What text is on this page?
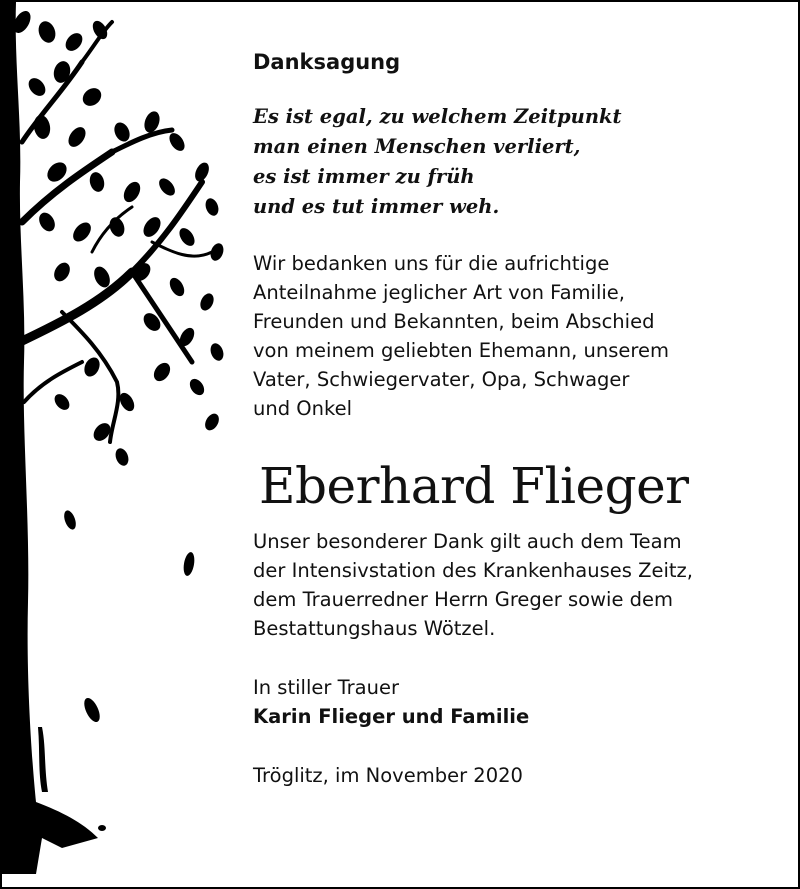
Danksagung
Es ist egal, zu welchem Zeitpunkt
man einen Menschen verliert,
es ist immer zu früh
und es tut immer weh.
Wir bedanken uns für die aufrichtige
Anteilnahme jeglicher Art von Familie,
Freunden und Bekannten, beim Abschied
von meinem geliebten Ehemann, unserem
Vater, Schwiegervater, Opa, Schwager
und Onkel
Eberhard Flieger
Unser besonderer Dank gilt auch dem Team
der Intensivstation des Krankenhauses Zeitz,
dem Trauerredner Herrn Greger sowie dem
Bestattungshaus Wötzel.
In stiller Trauer
Karin Flieger und Familie
Tröglitz, im November 2020
